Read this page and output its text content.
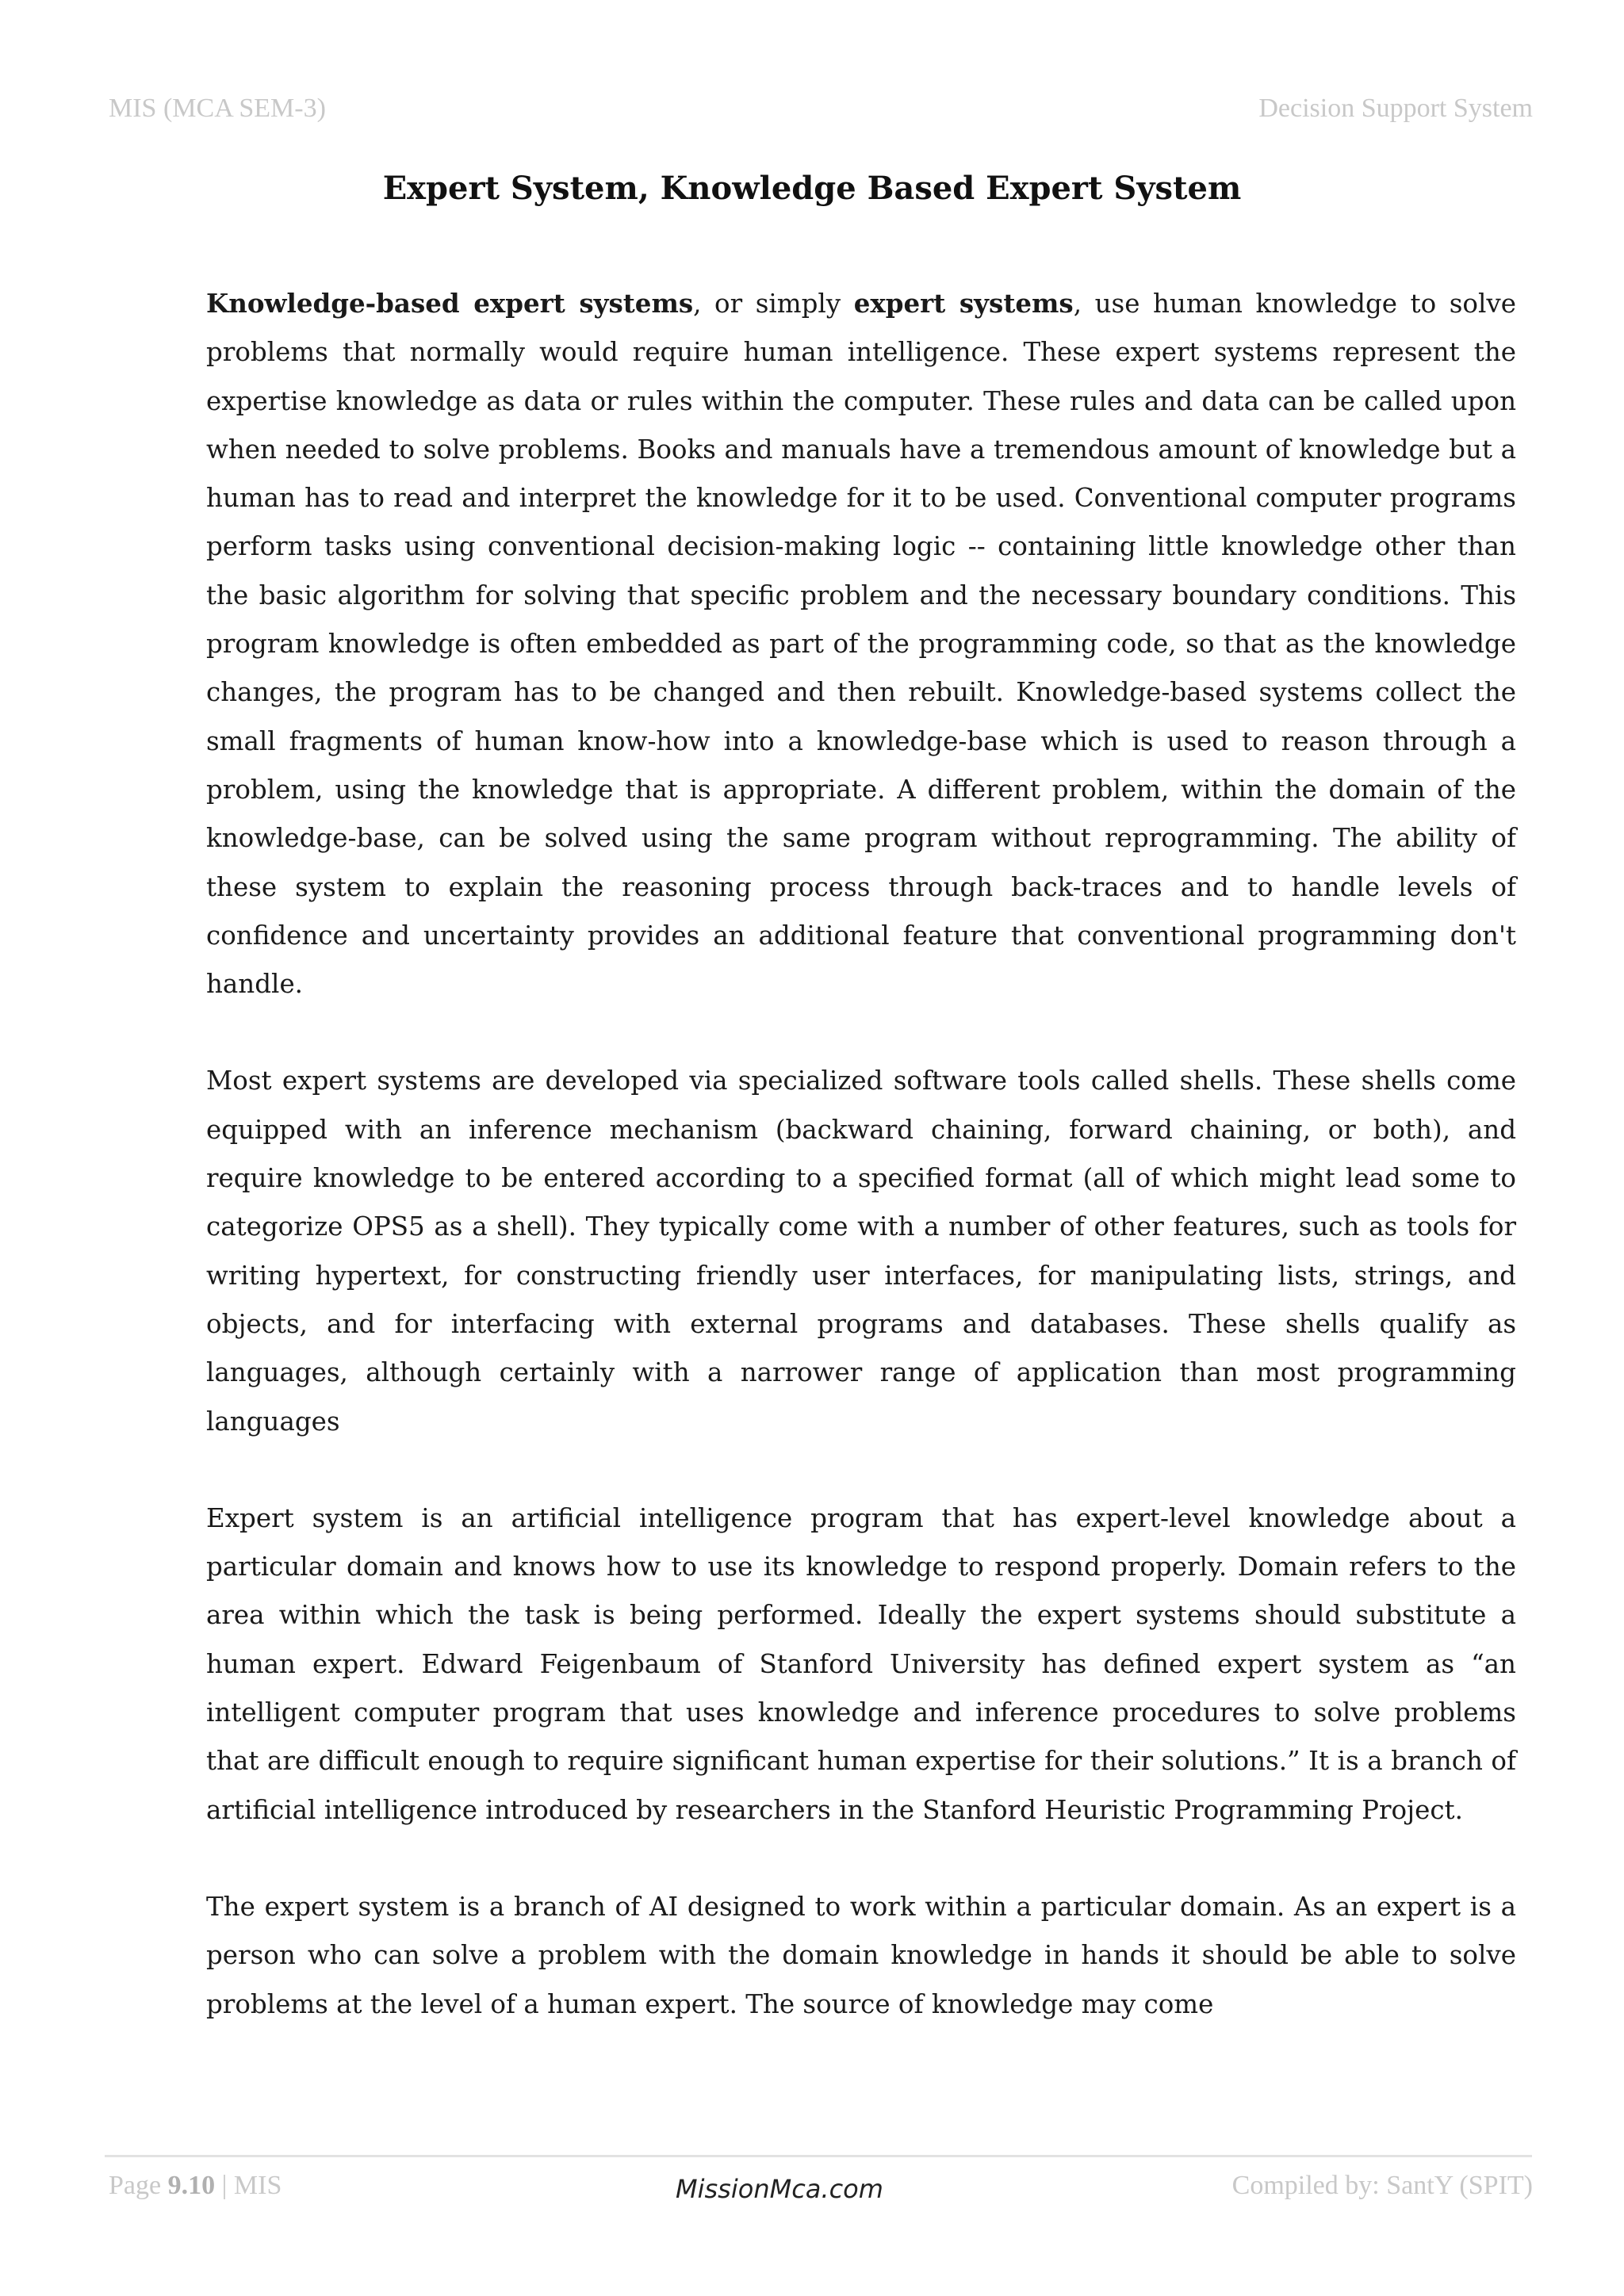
MIS (MCA SEM-3)	Decision Support System
Expert System, Knowledge Based Expert System

Knowledge-based expert systems, or simply expert systems, use human knowledge to solve problems that normally would require human intelligence. These expert systems represent the expertise knowledge as data or rules within the computer. These rules and data can be called upon when needed to solve problems. Books and manuals have a tremendous amount of knowledge but a human has to read and interpret the knowledge for it to be used. Conventional computer programs perform tasks using conventional decision-making logic -- containing little knowledge other than the basic algorithm for solving that specific problem and the necessary boundary conditions. This program knowledge is often embedded as part of the programming code, so that as the knowledge changes, the program has to be changed and then rebuilt. Knowledge-based systems collect the small fragments of human know-how into a knowledge-base which is used to reason through a problem, using the knowledge that is appropriate. A different problem, within the domain of the knowledge-base, can be solved using the same program without reprogramming. The ability of these system to explain the reasoning process through back-traces and to handle levels of confidence and uncertainty provides an additional feature that conventional programming don't handle.

Most expert systems are developed via specialized software tools called shells. These shells come equipped with an inference mechanism (backward chaining, forward chaining, or both), and require knowledge to be entered according to a specified format (all of which might lead some to categorize OPS5 as a shell). They typically come with a number of other features, such as tools for writing hypertext, for constructing friendly user interfaces, for manipulating lists, strings, and objects, and for interfacing with external programs and databases. These shells qualify as languages, although certainly with a narrower range of application than most programming languages

Expert system is an artificial intelligence program that has expert-level knowledge about a particular domain and knows how to use its knowledge to respond properly. Domain refers to the area within which the task is being performed. Ideally the expert systems should substitute a human expert. Edward Feigenbaum of Stanford University has defined expert system as “an intelligent computer program that uses knowledge and inference procedures to solve problems that are difficult enough to require significant human expertise for their solutions.” It is a branch of artificial intelligence introduced by researchers in the Stanford Heuristic Programming Project.

The expert system is a branch of AI designed to work within a particular domain. As an expert is a person who can solve a problem with the domain knowledge in hands it should be able to solve problems at the level of a human expert. The source of knowledge may come

Page 9.10 | MIS	MissionMca.com	Compiled by: SantY (SPIT)
